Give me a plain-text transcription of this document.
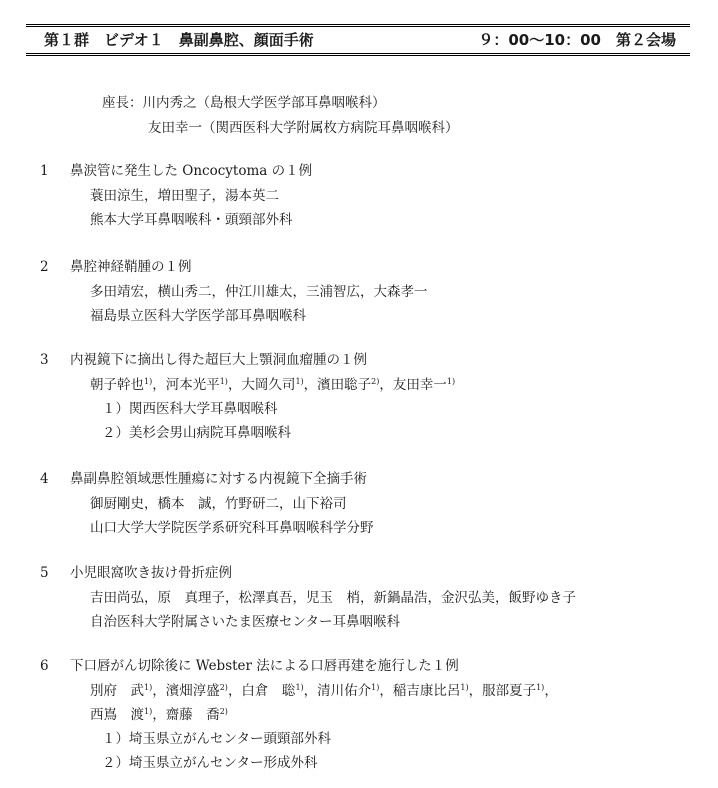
第１群　ビデオ１　鼻副鼻腔、顔面手術	９：00〜10：00　第２会場
座長：川内秀之（島根大学医学部耳鼻咽喉科）
友田幸一（関西医科大学附属枚方病院耳鼻咽喉科）
1	鼻涙管に発生した Oncocytoma の１例
蓑田涼生，増田聖子，湯本英二
熊本大学耳鼻咽喉科・頭頸部外科
2	鼻腔神経鞘腫の１例
多田靖宏，横山秀二，仲江川雄太，三浦智広，大森孝一
福島県立医科大学医学部耳鼻咽喉科
3	内視鏡下に摘出し得た超巨大上顎洞血瘤腫の１例
朝子幹也$^{1)}$，河本光平$^{1)}$，大岡久司$^{1)}$，濱田聡子$^{2)}$，友田幸一$^{1)}$
１）関西医科大学耳鼻咽喉科
２）美杉会男山病院耳鼻咽喉科
4	鼻副鼻腔領域悪性腫瘍に対する内視鏡下全摘手術
御厨剛史，橋本　誠，竹野研二，山下裕司
山口大学大学院医学系研究科耳鼻咽喉科学分野
5	小児眼窩吹き抜け骨折症例
吉田尚弘，原　真理子，松澤真吾，児玉　梢，新鍋晶浩，金沢弘美，飯野ゆき子
自治医科大学附属さいたま医療センター耳鼻咽喉科
6	下口唇がん切除後に Webster 法による口唇再建を施行した１例
別府　武$^{1)}$，濱畑淳盛$^{2)}$，白倉　聡$^{1)}$，清川佑介$^{1)}$，稲吉康比呂$^{1)}$，服部夏子$^{1)}$，
西嶌　渡$^{1)}$，齋藤　喬$^{2)}$
１）埼玉県立がんセンター頭頸部外科
２）埼玉県立がんセンター形成外科
